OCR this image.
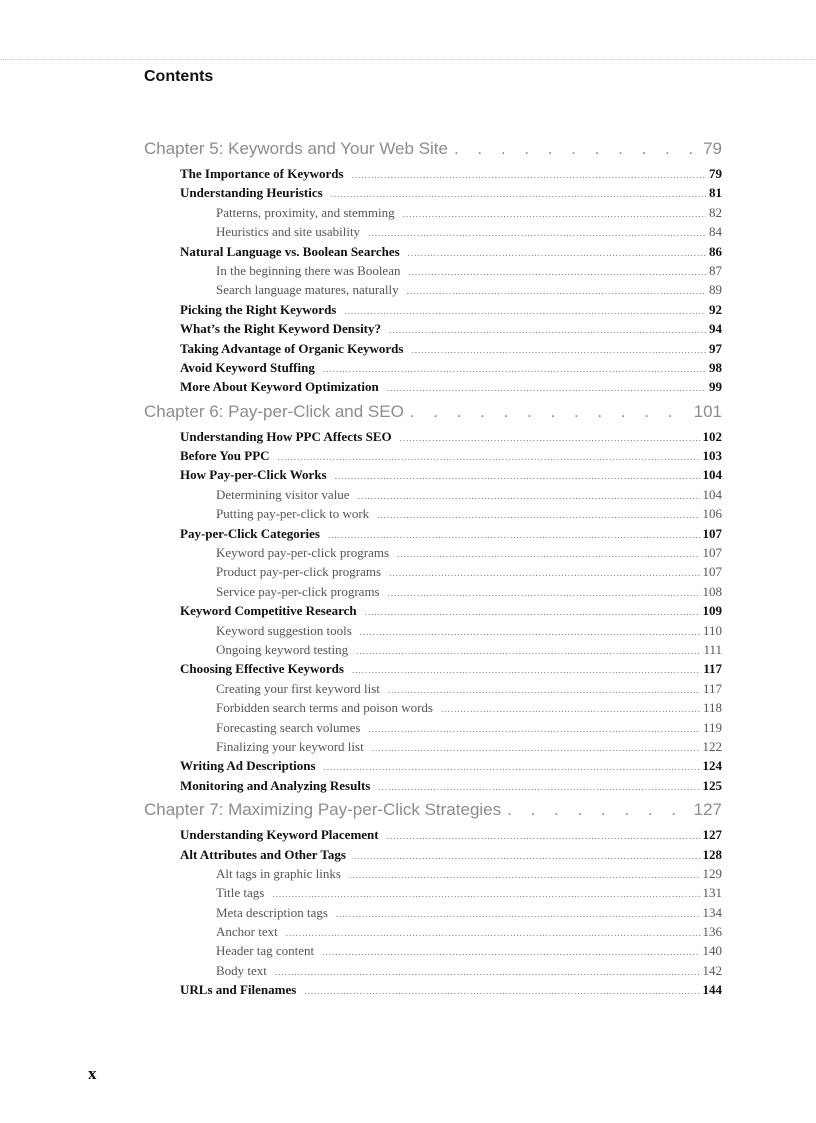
Contents
Chapter 5: Keywords and Your Web Site . . .	79
The Importance of Keywords .....	79
Understanding Heuristics .....	81
Patterns, proximity, and stemming .....	82
Heuristics and site usability .....	84
Natural Language vs. Boolean Searches .....	86
In the beginning there was Boolean .....	87
Search language matures, naturally .....	89
Picking the Right Keywords .....	92
What’s the Right Keyword Density? .....	94
Taking Advantage of Organic Keywords .....	97
Avoid Keyword Stuffing .....	98
More About Keyword Optimization .....	99
Chapter 6: Pay-per-Click and SEO . . .	101
Understanding How PPC Affects SEO .....	102
Before You PPC .....	103
How Pay-per-Click Works .....	104
Determining visitor value .....	104
Putting pay-per-click to work .....	106
Pay-per-Click Categories .....	107
Keyword pay-per-click programs .....	107
Product pay-per-click programs .....	107
Service pay-per-click programs .....	108
Keyword Competitive Research .....	109
Keyword suggestion tools .....	110
Ongoing keyword testing .....	111
Choosing Effective Keywords .....	117
Creating your first keyword list .....	117
Forbidden search terms and poison words .....	118
Forecasting search volumes .....	119
Finalizing your keyword list .....	122
Writing Ad Descriptions .....	124
Monitoring and Analyzing Results .....	125
Chapter 7: Maximizing Pay-per-Click Strategies . . .	127
Understanding Keyword Placement .....	127
Alt Attributes and Other Tags .....	128
Alt tags in graphic links .....	129
Title tags .....	131
Meta description tags .....	134
Anchor text .....	136
Header tag content .....	140
Body text .....	142
URLs and Filenames .....	144
x
